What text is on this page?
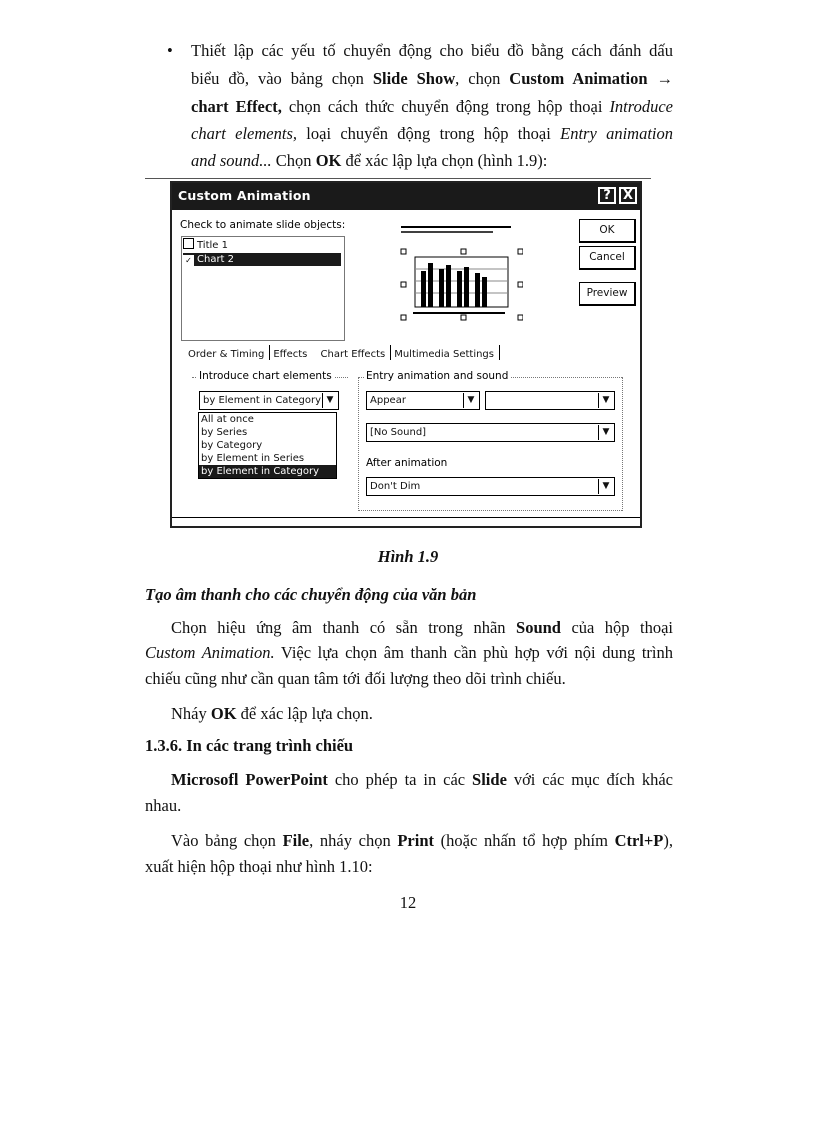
• Thiết lập các yếu tố chuyển động cho biểu đồ bằng cách đánh dấu

biểu đồ, vào bảng chọn Slide Show, chọn Custom Animation →

chart Effect, chọn cách thức chuyển động trong hộp thoại Introduce

chart elements, loại chuyển động trong hộp thoại Entry animation

and sound... Chọn OK để xác lập lựa chọn (hình 1.9):

Custom Animation	? X
Check to animate slide objects:
Title 1
✓ Chart 2
OK
Cancel
Preview
Order & Timing Effects Chart Effects Multimedia Settings
Introduce chart elements
by Element in Category ▼
Entry animation and sound
Appear	▼	▼
[No Sound]	▼
After animation
Don't Dim	▼
All at once
by Series
by Category
by Element in Series
by Element in Category
Hình 1.9

Tạo âm thanh cho các chuyển động của văn bản

Chọn hiệu ứng âm thanh có sẵn trong nhãn Sound của hộp thoại

Custom Animation. Việc lựa chọn âm thanh cần phù hợp với nội dung trình

chiếu cũng như cần quan tâm tới đối lượng theo dõi trình chiếu.

Nháy OK để xác lập lựa chọn.

1.3.6. In các trang trình chiếu

Microsofl PowerPoint cho phép ta in các Slide với các mục đích khác

nhau.

Vào bảng chọn File, nháy chọn Print (hoặc nhấn tổ hợp phím Ctrl+P),

xuất hiện hộp thoại như hình 1.10:

12
